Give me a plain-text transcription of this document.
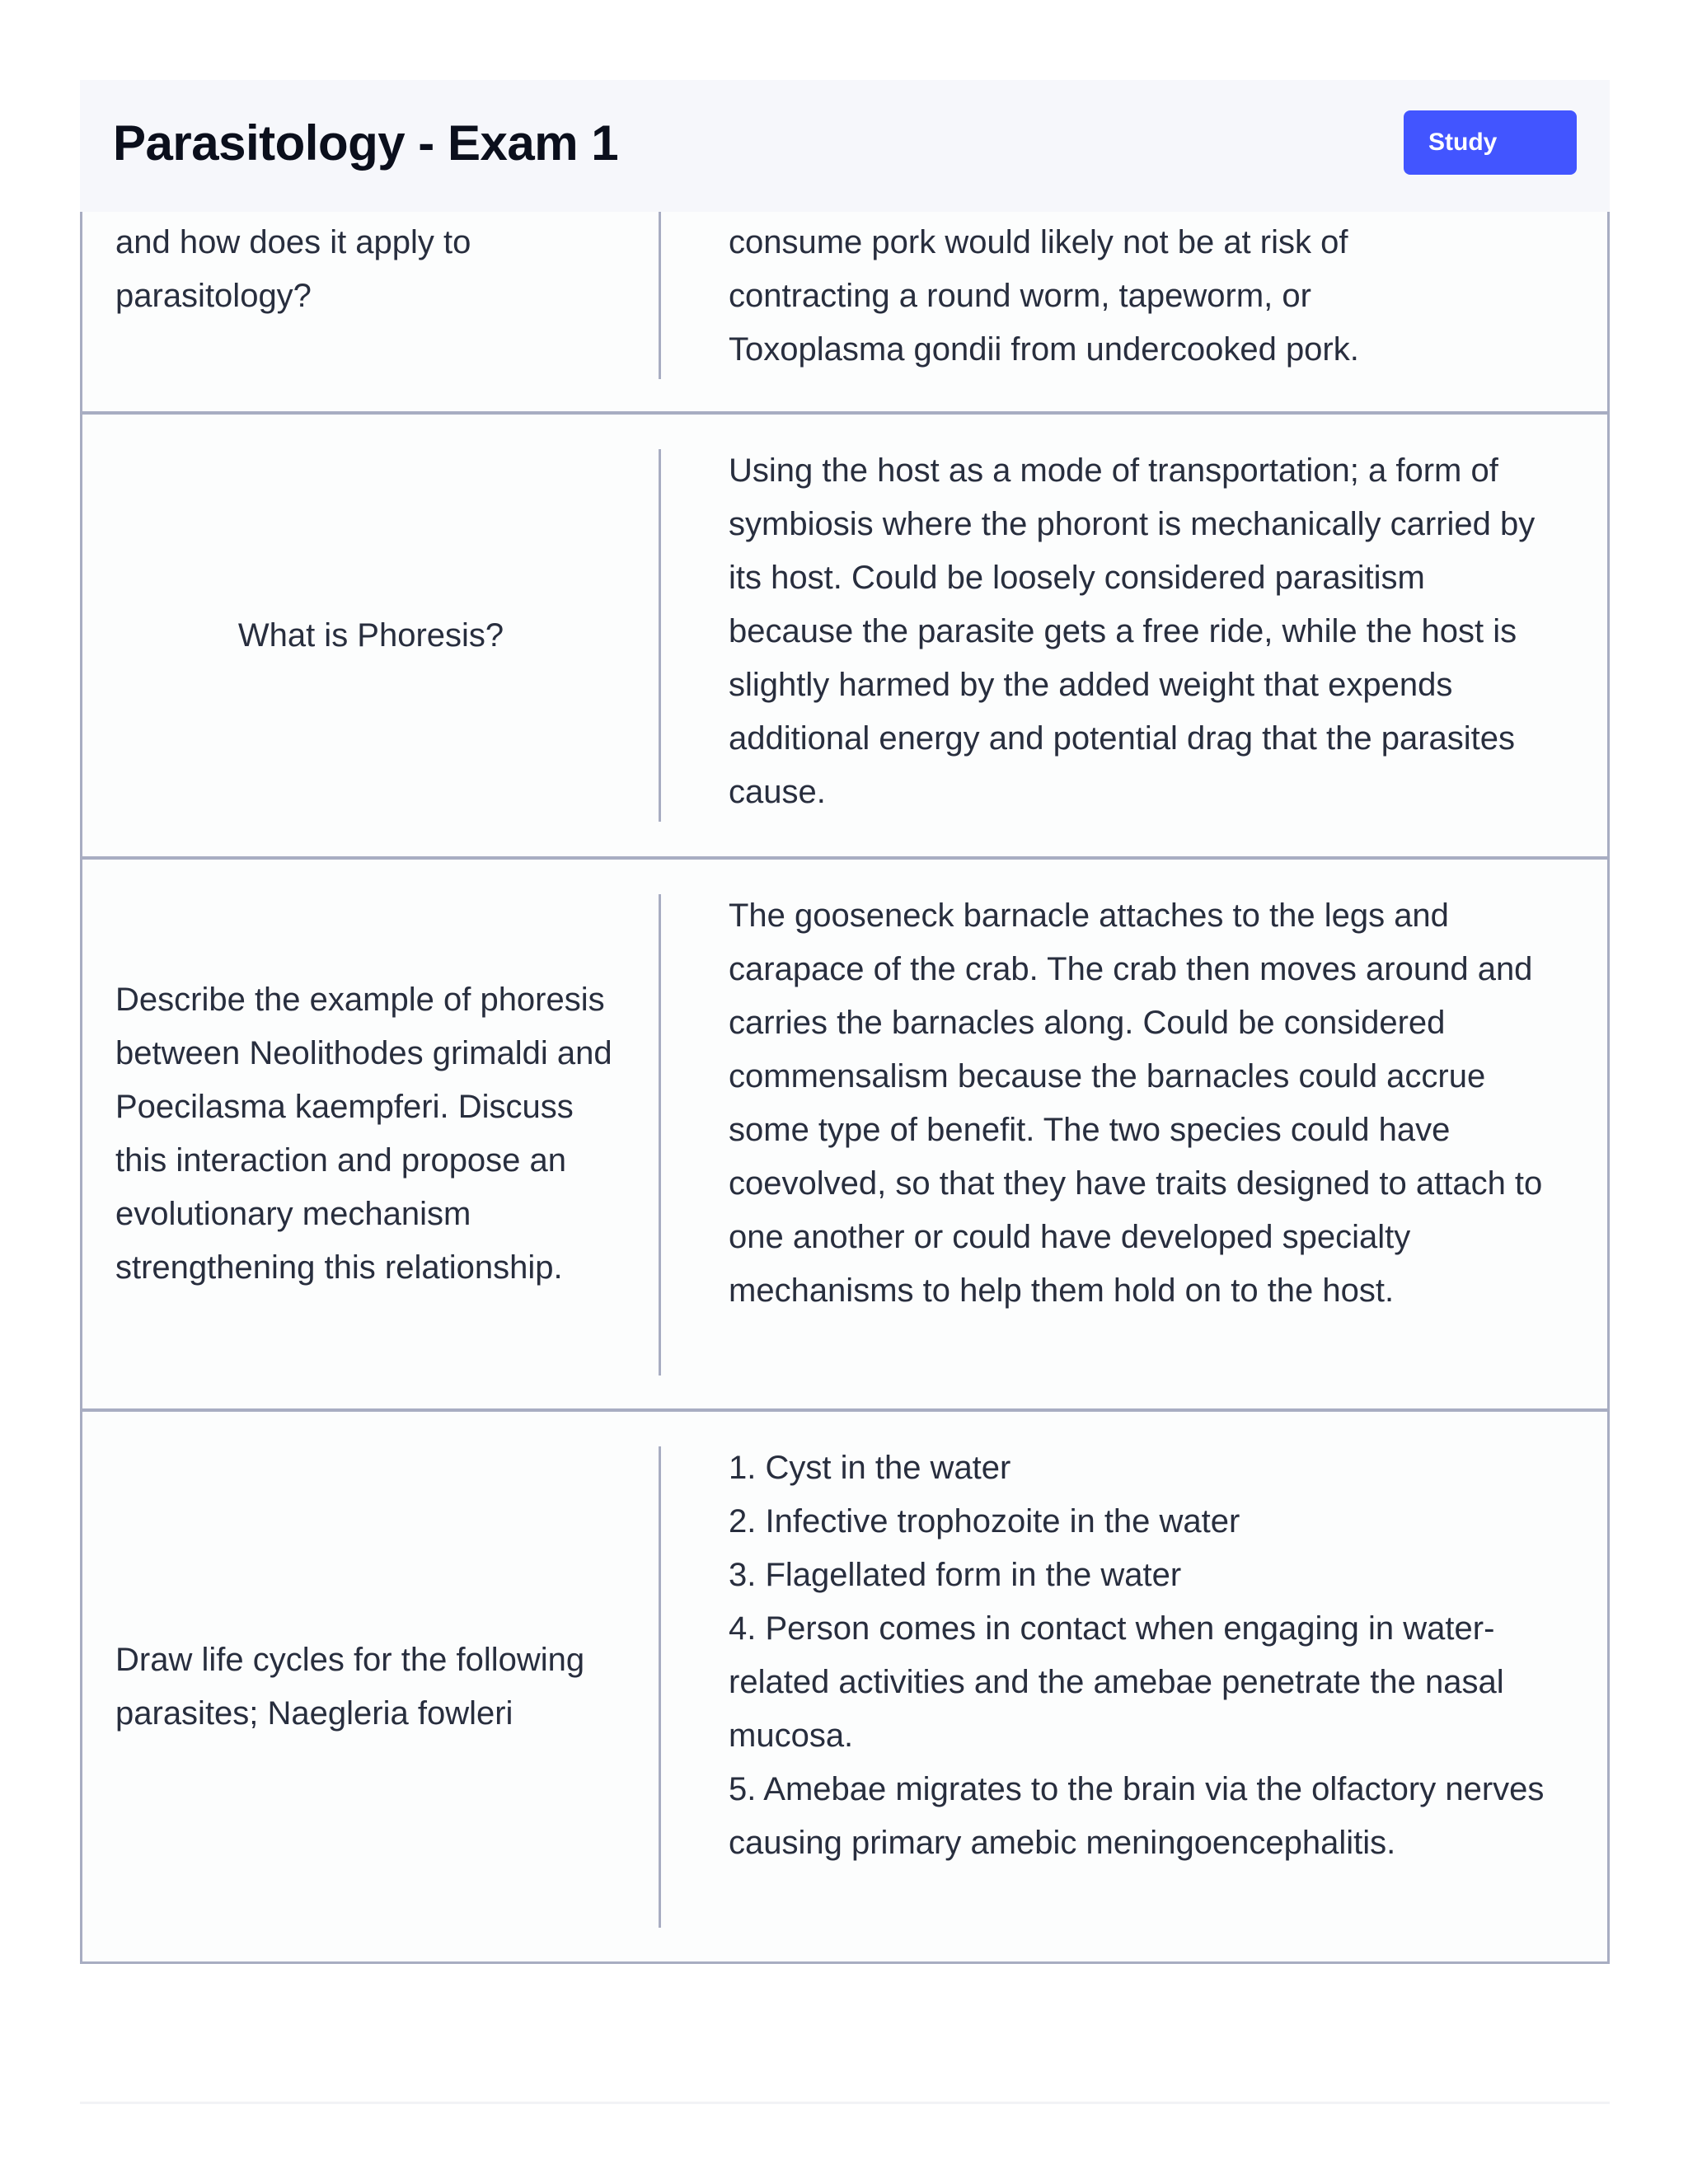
and how does it apply to
parasitology?

consume pork would likely not be at risk of

contracting a round worm, tapeworm, or

Toxoplasma gondii from undercooked pork.

What is Phoresis?

Using the host as a mode of transportation; a form of symbiosis where the phoront is mechanically carried by its host. Could be loosely considered parasitism because the parasite gets a free ride, while the host is slightly harmed by the added weight that expends additional energy and potential drag that the parasites cause.

Describe the example of phoresis between Neolithodes grimaldi and Poecilasma kaempferi. Discuss this interaction and propose an evolutionary mechanism strengthening this relationship.

The gooseneck barnacle attaches to the legs and carapace of the crab. The crab then moves around and carries the barnacles along. Could be considered commensalism because the barnacles could accrue some type of benefit. The two species could have coevolved, so that they have traits designed to attach to one another or could have developed specialty mechanisms to help them hold on to the host.

Draw life cycles for the following parasites; Naegleria fowleri

1. Cyst in the water

2. Infective trophozoite in the water

3. Flagellated form in the water

4. Person comes in contact when engaging in water-related activities and the amebae penetrate the nasal mucosa.

5. Amebae migrates to the brain via the olfactory nerves causing primary amebic meningoencephalitis.

Parasitology - Exam 1	Study
